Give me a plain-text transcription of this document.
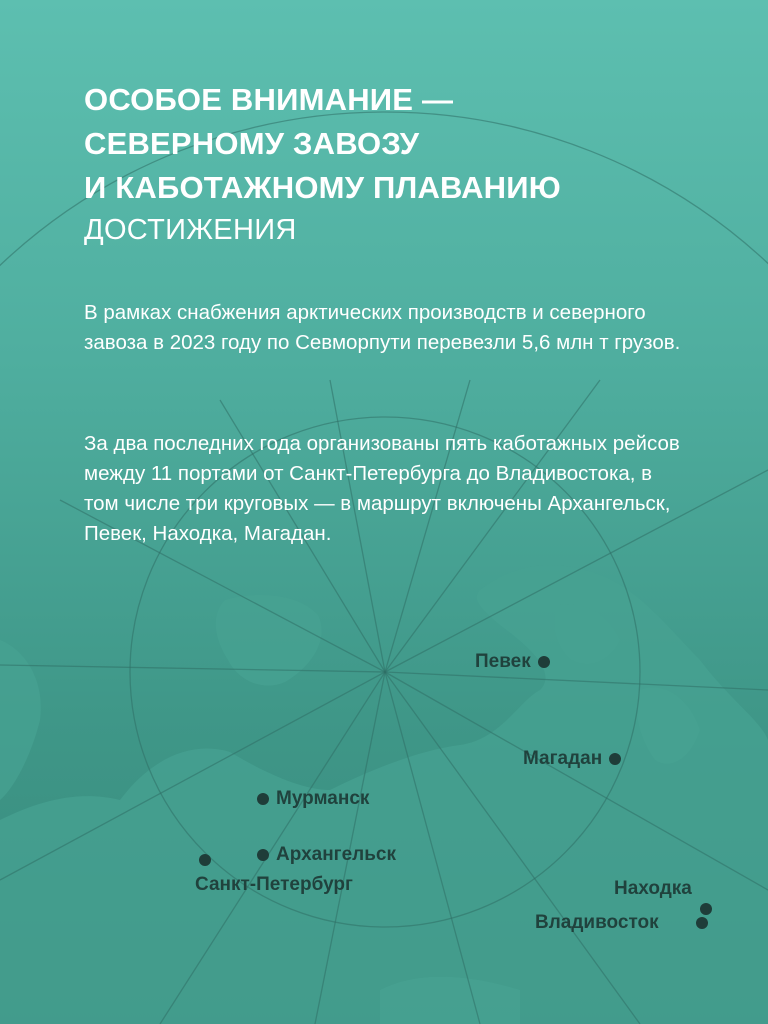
ОСОБОЕ ВНИМАНИЕ —
СЕВЕРНОМУ ЗАВОЗУ
И КАБОТАЖНОМУ ПЛАВАНИЮ
ДОСТИЖЕНИЯ

В рамках снабжения арктических производств и северного завоза в 2023 году по Севморпути перевезли 5,6 млн т грузов.

За два последних года организованы пять каботажных рейсов между 11 портами от Санкт-Петербурга до Владивостока, в том числе три круговых — в маршрут включены Архангельск, Певек, Находка, Магадан.

Певек
Магадан
Мурманск
Архангельск
Санкт-Петербург	Находка
Владивосток
